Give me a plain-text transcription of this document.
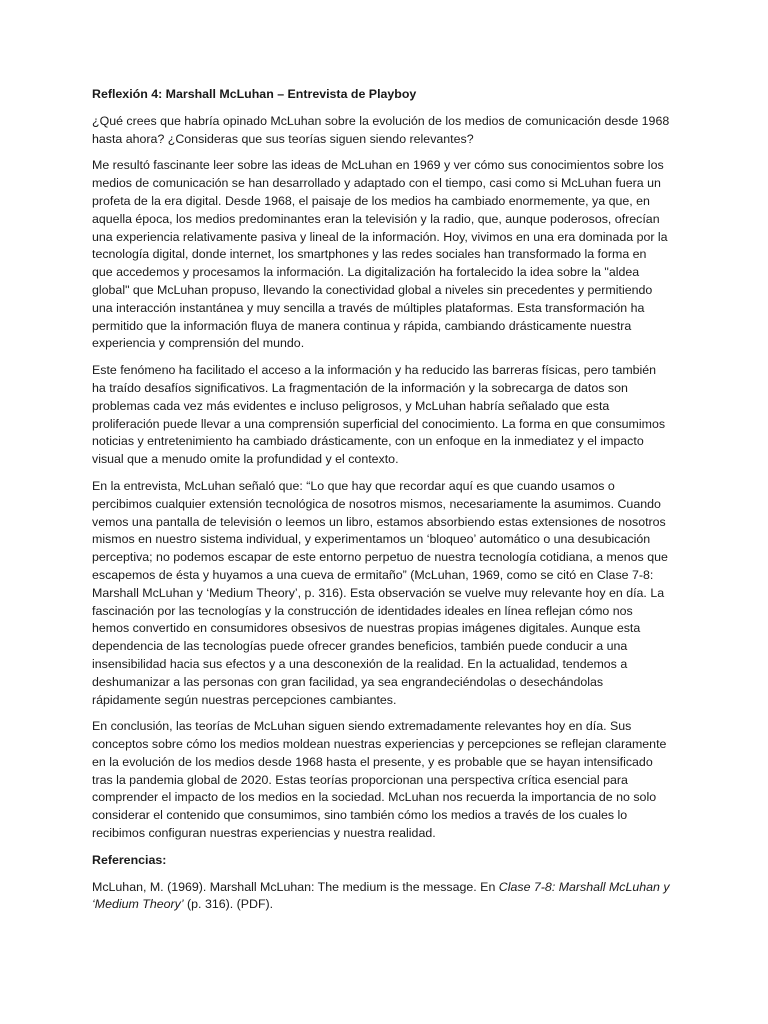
Reflexión 4: Marshall McLuhan – Entrevista de Playboy

¿Qué crees que habría opinado McLuhan sobre la evolución de los medios de comunicación desde 1968 hasta ahora? ¿Consideras que sus teorías siguen siendo relevantes?

Me resultó fascinante leer sobre las ideas de McLuhan en 1969 y ver cómo sus conocimientos sobre los medios de comunicación se han desarrollado y adaptado con el tiempo, casi como si McLuhan fuera un profeta de la era digital. Desde 1968, el paisaje de los medios ha cambiado enormemente, ya que, en aquella época, los medios predominantes eran la televisión y la radio, que, aunque poderosos, ofrecían una experiencia relativamente pasiva y lineal de la información. Hoy, vivimos en una era dominada por la tecnología digital, donde internet, los smartphones y las redes sociales han transformado la forma en que accedemos y procesamos la información. La digitalización ha fortalecido la idea sobre la "aldea global" que McLuhan propuso, llevando la conectividad global a niveles sin precedentes y permitiendo una interacción instantánea y muy sencilla a través de múltiples plataformas. Esta transformación ha permitido que la información fluya de manera continua y rápida, cambiando drásticamente nuestra experiencia y comprensión del mundo.

Este fenómeno ha facilitado el acceso a la información y ha reducido las barreras físicas, pero también ha traído desafíos significativos. La fragmentación de la información y la sobrecarga de datos son problemas cada vez más evidentes e incluso peligrosos, y McLuhan habría señalado que esta proliferación puede llevar a una comprensión superficial del conocimiento. La forma en que consumimos noticias y entretenimiento ha cambiado drásticamente, con un enfoque en la inmediatez y el impacto visual que a menudo omite la profundidad y el contexto.

En la entrevista, McLuhan señaló que: “Lo que hay que recordar aquí es que cuando usamos o percibimos cualquier extensión tecnológica de nosotros mismos, necesariamente la asumimos. Cuando vemos una pantalla de televisión o leemos un libro, estamos absorbiendo estas extensiones de nosotros mismos en nuestro sistema individual, y experimentamos un ‘bloqueo’ automático o una desubicación perceptiva; no podemos escapar de este entorno perpetuo de nuestra tecnología cotidiana, a menos que escapemos de ésta y huyamos a una cueva de ermitaño” (McLuhan, 1969, como se citó en Clase 7-8: Marshall McLuhan y ‘Medium Theory’, p. 316). Esta observación se vuelve muy relevante hoy en día. La fascinación por las tecnologías y la construcción de identidades ideales en línea reflejan cómo nos hemos convertido en consumidores obsesivos de nuestras propias imágenes digitales. Aunque esta dependencia de las tecnologías puede ofrecer grandes beneficios, también puede conducir a una insensibilidad hacia sus efectos y a una desconexión de la realidad. En la actualidad, tendemos a deshumanizar a las personas con gran facilidad, ya sea engrandeciéndolas o desechándolas rápidamente según nuestras percepciones cambiantes.

En conclusión, las teorías de McLuhan siguen siendo extremadamente relevantes hoy en día. Sus conceptos sobre cómo los medios moldean nuestras experiencias y percepciones se reflejan claramente en la evolución de los medios desde 1968 hasta el presente, y es probable que se hayan intensificado tras la pandemia global de 2020. Estas teorías proporcionan una perspectiva crítica esencial para comprender el impacto de los medios en la sociedad. McLuhan nos recuerda la importancia de no solo considerar el contenido que consumimos, sino también cómo los medios a través de los cuales lo recibimos configuran nuestras experiencias y nuestra realidad.

Referencias:

McLuhan, M. (1969). Marshall McLuhan: The medium is the message. En Clase 7-8: Marshall McLuhan y ‘Medium Theory’ (p. 316). (PDF).
